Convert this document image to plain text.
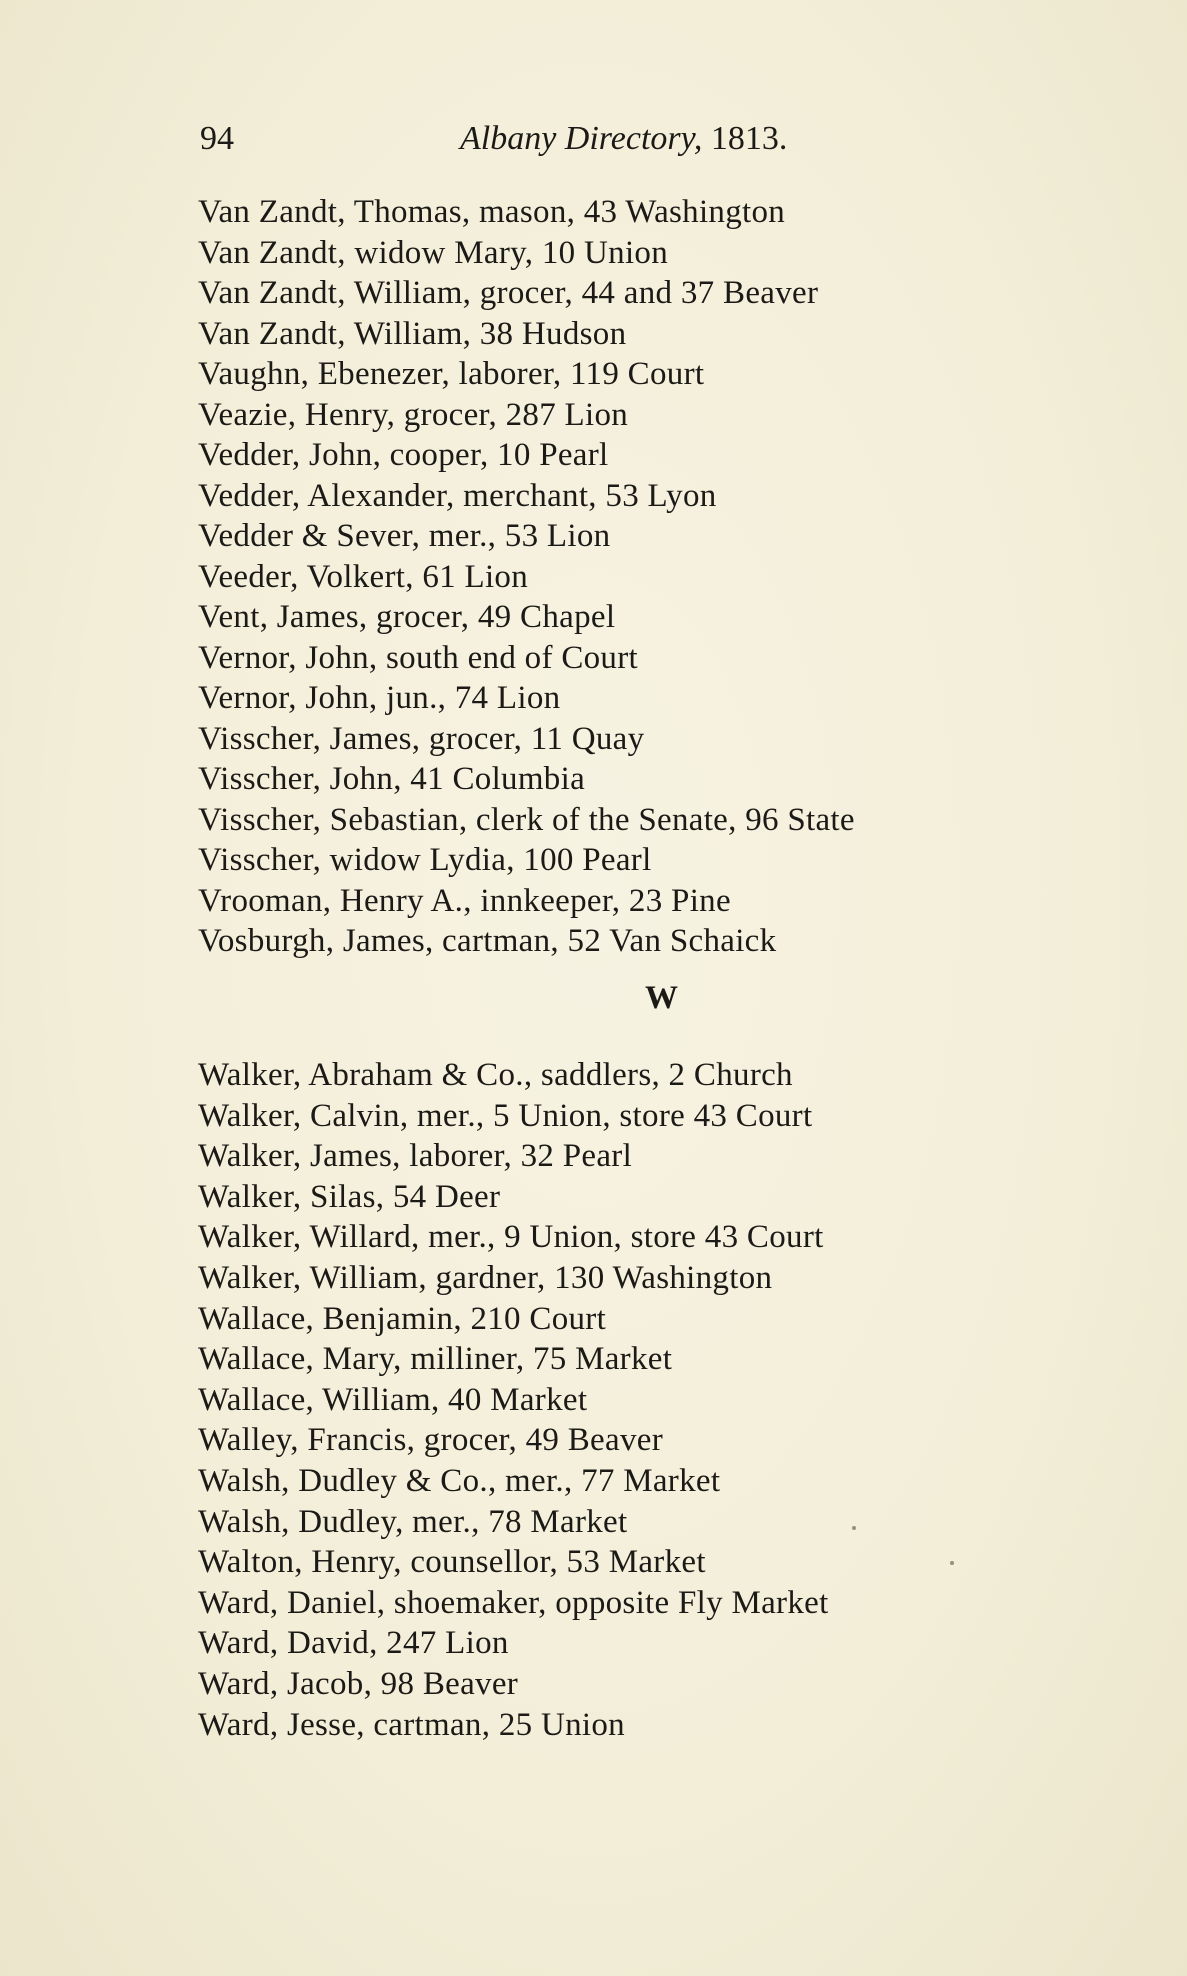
94	Albany Directory, 1813.
Van Zandt, Thomas, mason, 43 Washington
Van Zandt, widow Mary, 10 Union
Van Zandt, William, grocer, 44 and 37 Beaver
Van Zandt, William, 38 Hudson
Vaughn, Ebenezer, laborer, 119 Court
Veazie, Henry, grocer, 287 Lion
Vedder, John, cooper, 10 Pearl
Vedder, Alexander, merchant, 53 Lyon
Vedder & Sever, mer., 53 Lion
Veeder, Volkert, 61 Lion
Vent, James, grocer, 49 Chapel
Vernor, John, south end of Court
Vernor, John, jun., 74 Lion
Visscher, James, grocer, 11 Quay
Visscher, John, 41 Columbia
Visscher, Sebastian, clerk of the Senate, 96 State
Visscher, widow Lydia, 100 Pearl
Vrooman, Henry A., innkeeper, 23 Pine
Vosburgh, James, cartman, 52 Van Schaick
W
Walker, Abraham & Co., saddlers, 2 Church
Walker, Calvin, mer., 5 Union, store 43 Court
Walker, James, laborer, 32 Pearl
Walker, Silas, 54 Deer
Walker, Willard, mer., 9 Union, store 43 Court
Walker, William, gardner, 130 Washington
Wallace, Benjamin, 210 Court
Wallace, Mary, milliner, 75 Market
Wallace, William, 40 Market
Walley, Francis, grocer, 49 Beaver
Walsh, Dudley & Co., mer., 77 Market
Walsh, Dudley, mer., 78 Market
Walton, Henry, counsellor, 53 Market
Ward, Daniel, shoemaker, opposite Fly Market
Ward, David, 247 Lion
Ward, Jacob, 98 Beaver
Ward, Jesse, cartman, 25 Union
